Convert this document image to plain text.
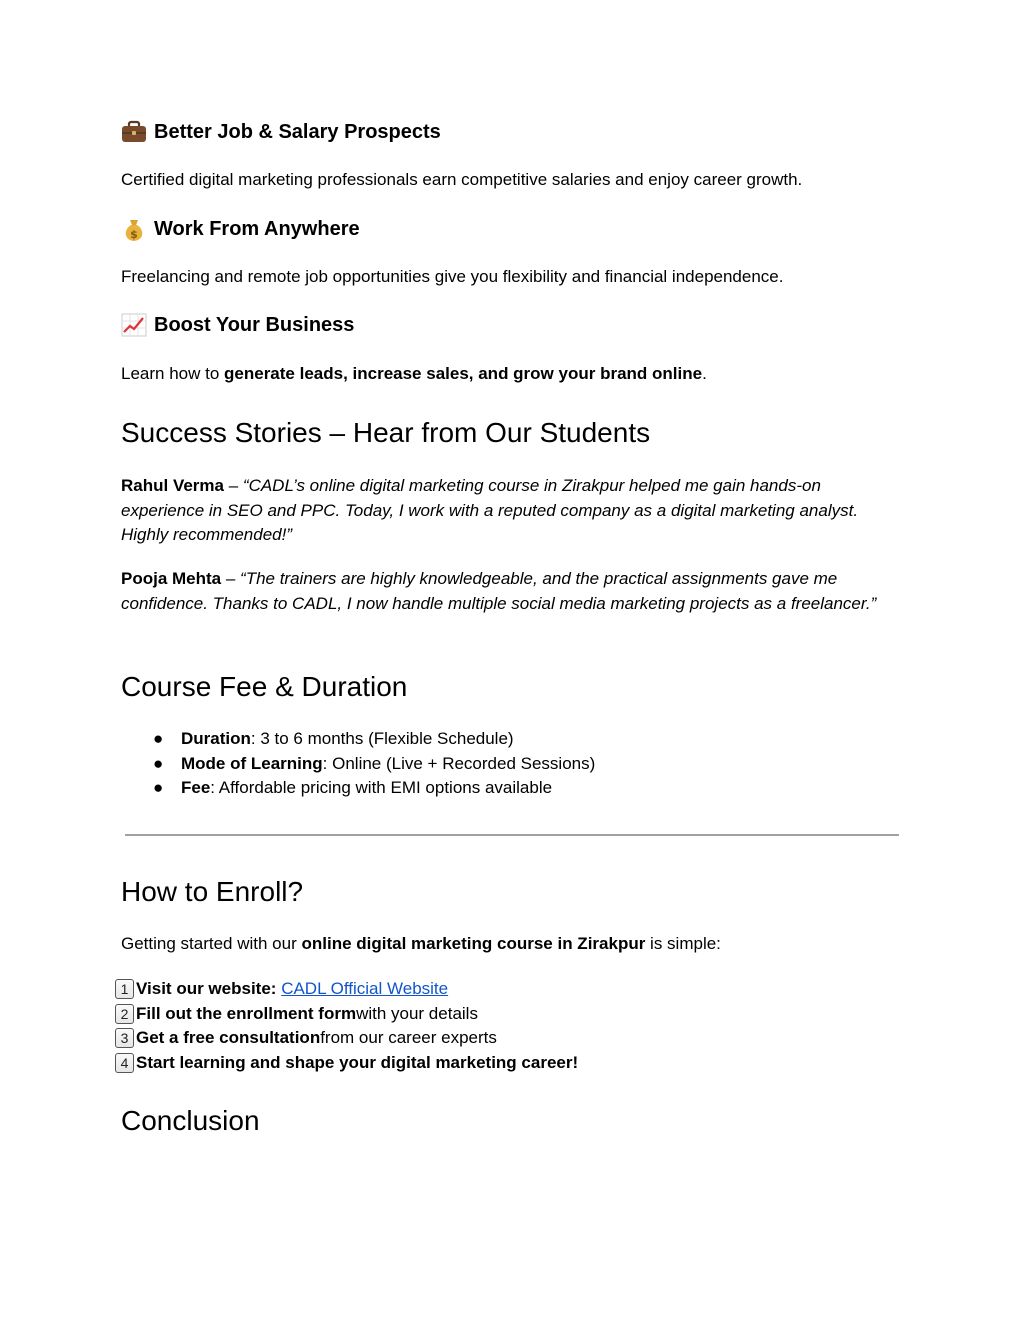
Better Job & Salary Prospects
Certified digital marketing professionals earn competitive salaries and enjoy career growth.
$ Work From Anywhere
Freelancing and remote job opportunities give you flexibility and financial independence.
Boost Your Business
Learn how to generate leads, increase sales, and grow your brand online.
Success Stories – Hear from Our Students
Rahul Verma – “CADL’s online digital marketing course in Zirakpur helped me gain hands-on experience in SEO and PPC. Today, I work with a reputed company as a digital marketing analyst. Highly recommended!”
Pooja Mehta – “The trainers are highly knowledgeable, and the practical assignments gave me confidence. Thanks to CADL, I now handle multiple social media marketing projects as a freelancer.”
Course Fee & Duration
● Duration: 3 to 6 months (Flexible Schedule)
● Mode of Learning: Online (Live + Recorded Sessions)
● Fee: Affordable pricing with EMI options available
How to Enroll?
Getting started with our online digital marketing course in Zirakpur is simple:
Conclusion
1 Visit our website:
CADL Official Website
2 Fill out the enrollment form with your details
3 Get a free consultation from our career experts
4 Start learning and shape your digital marketing career!
